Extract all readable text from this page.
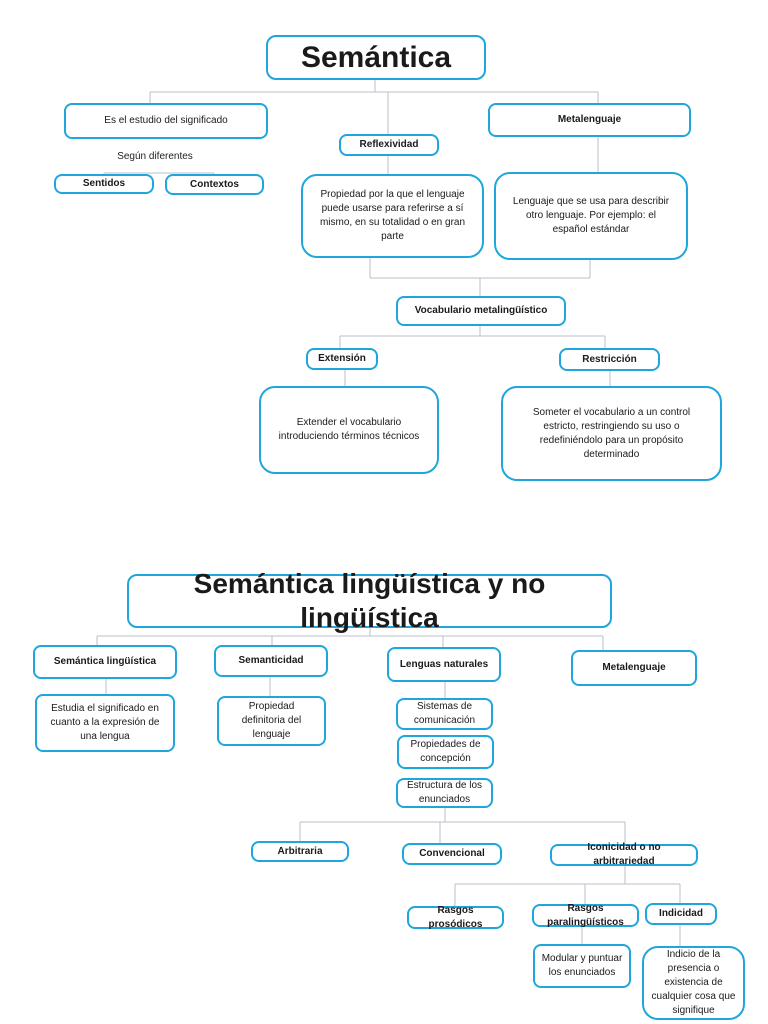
Semántica
Es el estudio del significado
Según diferentes
Sentidos	Contextos
Reflexividad
Propiedad por la que el lenguaje puede usarse para referirse a sí mismo, en su totalidad o en gran parte
Metalenguaje
Lenguaje que se usa para describir otro lenguaje. Por ejemplo: el español estándar
Vocabulario metalingüístico
Extensión
Extender el vocabulario introduciendo términos técnicos
Restricción
Someter el vocabulario a un control estricto, restringiendo su uso o redefiniéndolo para un propósito determinado
Semántica lingüística y no lingüística
Semántica lingüística
Estudia el significado en cuanto a la expresión de una lengua
Semanticidad
Propiedad definitoria del lenguaje
Lenguas naturales
Sistemas de comunicación
Propiedades de concepción
Estructura de los enunciados
Metalenguaje
Arbitraria	Convencional
Iconicidad o no arbitrariedad
Rasgos prosódicos
Rasgos paralingüísticos
Indicidad
Modular y puntuar los enunciados
Indicio de la presencia o existencia de cualquier cosa que signifique
